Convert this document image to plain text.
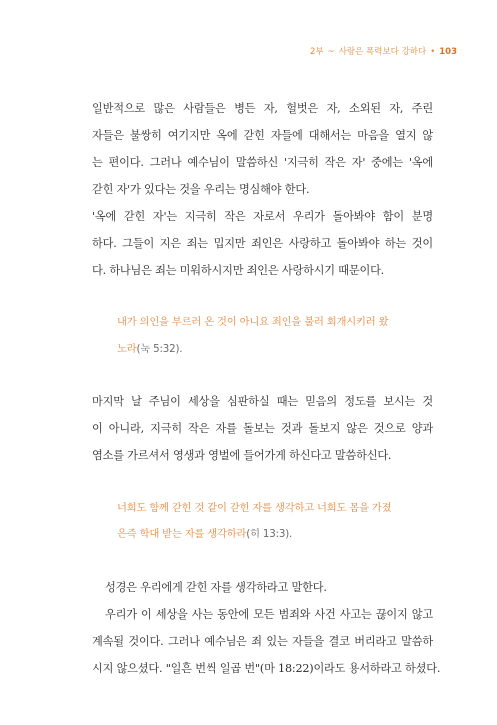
2부 ~ 사랑은 폭력보다 강하다 • 103
일반적으로 많은 사람들은 병든 자, 헐벗은 자, 소외된 자, 주린
자들은 불쌍히 여기지만 옥에 갇힌 자들에 대해서는 마음을 열지 않
는 편이다. 그러나 예수님이 말씀하신 '지극히 작은 자' 중에는 '옥에
갇힌 자'가 있다는 것을 우리는 명심해야 한다.
'옥에 갇힌 자'는 지극히 작은 자로서 우리가 돌아봐야 함이 분명
하다. 그들이 지은 죄는 밉지만 죄인은 사랑하고 돌아봐야 하는 것이
다. 하나님은 죄는 미워하시지만 죄인은 사랑하시기 때문이다.
내가 의인을 부르러 온 것이 아니요 죄인을 불러 회개시키러 왔
노라(눅 5:32).
마지막 날 주님이 세상을 심판하실 때는 믿음의 정도를 보시는 것
이 아니라, 지극히 작은 자를 돌보는 것과 돌보지 않은 것으로 양과
염소를 가르셔서 영생과 영벌에 들어가게 하신다고 말씀하신다.
너희도 함께 갇힌 것 같이 갇힌 자를 생각하고 너희도 몸을 가졌
은즉 학대 받는 자를 생각하라(히 13:3).
성경은 우리에게 갇힌 자를 생각하라고 말한다.
우리가 이 세상을 사는 동안에 모든 범죄와 사건 사고는 끊이지 않고
계속될 것이다. 그러나 예수님은 죄 있는 자들을 결코 버리라고 말씀하
시지 않으셨다. "일흔 번씩 일곱 번"(마 18:22)이라도 용서하라고 하셨다.
